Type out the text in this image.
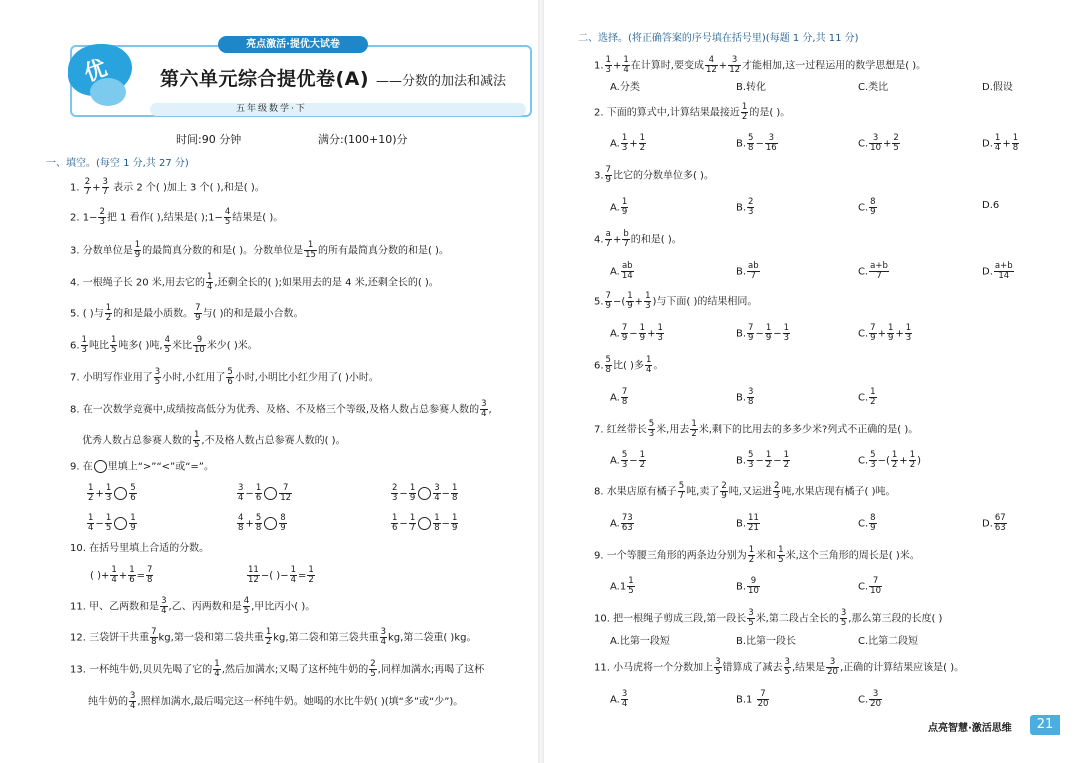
优
亮点激活·提优大试卷
第六单元综合提优卷(A) ——分数的加法和减法
五年级数学·下
时间:90 分钟	满分:(100+10)分
一、填空。(每空 1 分,共 27 分)
1. $\frac{2}{7} + \frac{3}{7}$ 表示 2 个( )加上 3 个( ),和是( )。
2. $1- \frac{2}{3}$ 把 1 看作( ),结果是( );1− $\frac{4}{5}$ 结果是( )。
3. 分数单位是 $\frac{1}{9}$ 的最简真分数的和是( )。分数单位是 $\frac{1}{15}$ 的所有最简真分数的和是( )。
4. 一根绳子长 20 米,用去它的 $\frac{1}{4}$ ,还剩全长的( );如果用去的是 4 米,还剩全长的( )。
5. ( )与 $\frac{1}{2}$ 的和是最小质数。 $\frac{7}{9}$ 与( )的和是最小合数。
6. $\frac{1}{3}$ 吨比 $\frac{1}{5}$ 吨多( )吨, $\frac{4}{5}$ 米比 $\frac{9}{10}$ 米少( )米。
7. 小明写作业用了 $\frac{3}{5}$ 小时,小红用了 $\frac{5}{6}$ 小时,小明比小红少用了( )小时。
8. 在一次数学竞赛中,成绩按高低分为优秀、及格、不及格三个等级,及格人数占总参赛人数的 $\frac{3}{4}$ ,
优秀人数占总参赛人数的 $\frac{1}{5}$ ,不及格人数占总参赛人数的( )。
9. 在 里填上“>”“<”或“=”。
$\frac{1}{2} + \frac{1}{3} \frac{5}{6}$	$\frac{3}{4} - \frac{1}{6} \frac{7}{12}$	$\frac{2}{3} - \frac{1}{9} \frac{3}{4} - \frac{1}{8}$
$\frac{1}{4} - \frac{1}{5} \frac{1}{9}$	$\frac{4}{8} + \frac{5}{8} \frac{8}{9}$	$\frac{1}{6} - \frac{1}{7} \frac{1}{8} - \frac{1}{9}$
10. 在括号里填上合适的分数。
( )+ $\frac{1}{4} + \frac{1}{6} = \frac{7}{8}$	$\frac{11}{12}$ −( )− $\frac{1}{4} = \frac{1}{2}$
11. 甲、乙两数和是 $\frac{3}{4}$ ,乙、丙两数和是 $\frac{4}{5}$ ,甲比丙小( )。
12. 三袋饼干共重 $\frac{7}{8}$ kg,第一袋和第二袋共重 $\frac{1}{2}$ kg,第二袋和第三袋共重 $\frac{3}{4}$ kg,第二袋重( )kg。
13. 一杯纯牛奶,贝贝先喝了它的 $\frac{1}{4}$ ,然后加满水;又喝了这杯纯牛奶的 $\frac{2}{5}$ ,同样加满水;再喝了这杯
纯牛奶的 $\frac{3}{4}$ ,照样加满水,最后喝完这一杯纯牛奶。她喝的水比牛奶( )(填“多”或“少”)。
二、选择。(将正确答案的序号填在括号里)(每题 1 分,共 11 分)
1. $\frac{1}{3} + \frac{1}{4}$ 在计算时,要变成 $\frac{4}{12} + \frac{3}{12}$ 才能相加,这一过程运用的数学思想是( )。
A.分类	B.转化	C.类比	D.假设
2. 下面的算式中,计算结果最接近 $\frac{1}{2}$ 的是( )。
A. $\frac{1}{3} + \frac{1}{2}$	B. $\frac{5}{8} - \frac{3}{16}$	C. $\frac{3}{10} + \frac{2}{5}$	D. $\frac{1}{4} + \frac{1}{8}$
3. $\frac{7}{9}$ 比它的分数单位多( )。
A. $\frac{1}{9}$	B. $\frac{2}{3}$	C. $\frac{8}{9}$	D.6
4. $\frac{a}{7} + \frac{b}{7}$ 的和是( )。
A. $\frac{ab}{14}$	B. $\frac{ab}{7}$	C. $\frac{a+b}{7}$	D. $\frac{a+b}{14}$
5. $\frac{7}{9}$ −( $\frac{1}{9} + \frac{1}{3}$ )与下面( )的结果相同。
A. $\frac{7}{9} - \frac{1}{9} + \frac{1}{3}$	B. $\frac{7}{9} - \frac{1}{9} - \frac{1}{3}$	C. $\frac{7}{9} + \frac{1}{9} + \frac{1}{3}$
6. $\frac{5}{8}$ 比( )多 $\frac{1}{4}$ 。
A. $\frac{7}{8}$	B. $\frac{3}{8}$	C. $\frac{1}{2}$
7. 红丝带长 $\frac{5}{3}$ 米,用去 $\frac{1}{2}$ 米,剩下的比用去的多多少米?列式不正确的是( )。
A. $\frac{5}{3} - \frac{1}{2}$	B. $\frac{5}{3} - \frac{1}{2} - \frac{1}{2}$	C. $\frac{5}{3}$ −( $\frac{1}{2} + \frac{1}{2}$ )
8. 水果店原有橘子 $\frac{5}{7}$ 吨,卖了 $\frac{2}{9}$ 吨,又运进 $\frac{2}{3}$ 吨,水果店现有橘子( )吨。
A. $\frac{73}{63}$	B. $\frac{11}{21}$	C. $\frac{8}{9}$	D. $\frac{67}{63}$
9. 一个等腰三角形的两条边分别为 $\frac{1}{2}$ 米和 $\frac{1}{5}$ 米,这个三角形的周长是( )米。
$A.1 \frac{1}{5}$	B. $\frac{9}{10}$	C. $\frac{7}{10}$
10. 把一根绳子剪成三段,第一段长 $\frac{3}{5}$ 米,第二段占全长的 $\frac{3}{5}$ ,那么第三段的长度( )
A.比第一段短	B.比第一段长	C.比第二段短
11. 小马虎将一个分数加上 $\frac{3}{5}$ 错算成了减去 $\frac{3}{5}$ ,结果是 $\frac{3}{20}$ ,正确的计算结果应该是( )。
A. $\frac{3}{4}$	$B.1 \frac{7}{20}$	C. $\frac{3}{20}$
点亮智慧·激活思维	21
